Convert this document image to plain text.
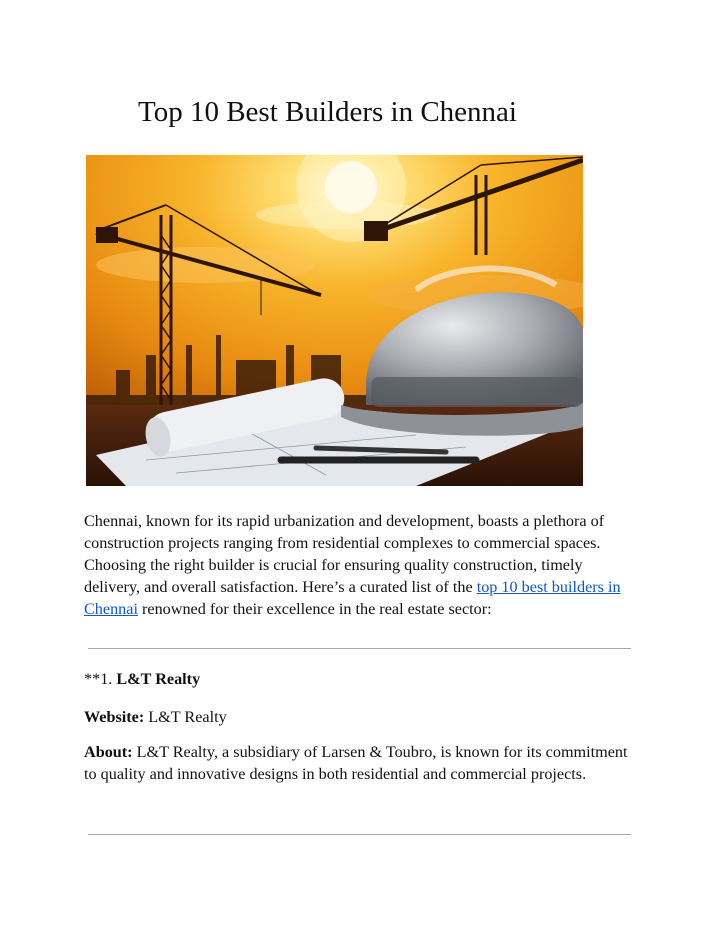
Top 10 Best Builders in Chennai

Chennai, known for its rapid urbanization and development, boasts a plethora of construction projects ranging from residential complexes to commercial spaces. Choosing the right builder is crucial for ensuring quality construction, timely delivery, and overall satisfaction. Here’s a curated list of the top 10 best builders in Chennai renowned for their excellence in the real estate sector:

**1. L&T Realty

Website: L&T Realty

About: L&T Realty, a subsidiary of Larsen & Toubro, is known for its commitment to quality and innovative designs in both residential and commercial projects.
